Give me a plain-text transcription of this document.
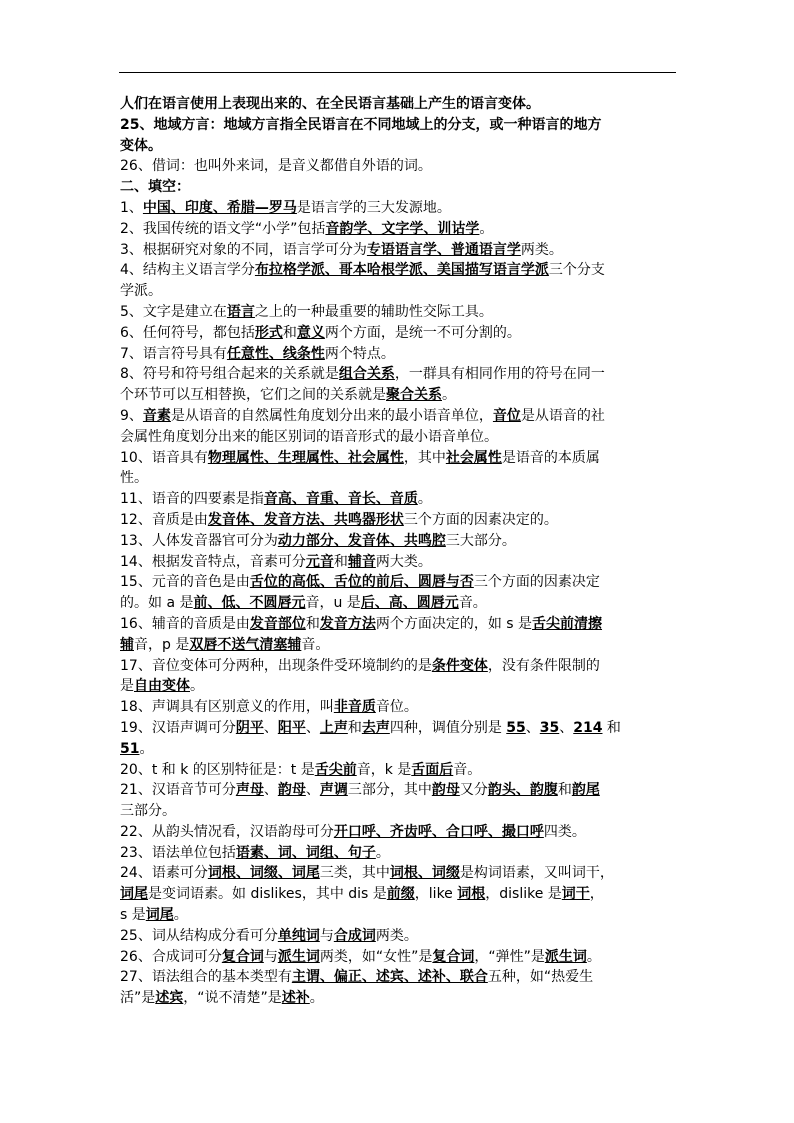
人们在语言使用上表现出来的、在全民语言基础上产生的语言变体。
25、地域方言：地域方言指全民语言在不同地域上的分支，或一种语言的地方
变体。
26、借词：也叫外来词，是音义都借自外语的词。
二、填空：
1、中国、印度、希腊—罗马是语言学的三大发源地。
2、我国传统的语文学“小学”包括音韵学、文字学、训诂学。
3、根据研究对象的不同，语言学可分为专语语言学、普通语言学两类。
4、结构主义语言学分布拉格学派、哥本哈根学派、美国描写语言学派三个分支
学派。
5、文字是建立在语言之上的一种最重要的辅助性交际工具。
6、任何符号，都包括形式和意义两个方面，是统一不可分割的。
7、语言符号具有任意性、线条性两个特点。
8、符号和符号组合起来的关系就是组合关系，一群具有相同作用的符号在同一
个环节可以互相替换，它们之间的关系就是聚合关系。
9、音素是从语音的自然属性角度划分出来的最小语音单位，音位是从语音的社
会属性角度划分出来的能区别词的语音形式的最小语音单位。
10、语音具有物理属性、生理属性、社会属性，其中社会属性是语音的本质属
性。
11、语音的四要素是指音高、音重、音长、音质。
12、音质是由发音体、发音方法、共鸣器形状三个方面的因素决定的。
13、人体发音器官可分为动力部分、发音体、共鸣腔三大部分。
14、根据发音特点，音素可分元音和辅音两大类。
15、元音的音色是由舌位的高低、舌位的前后、圆唇与否三个方面的因素决定
的。如 a 是前、低、不圆唇元音，u 是后、高、圆唇元音。
16、辅音的音质是由发音部位和发音方法两个方面决定的，如 s 是舌尖前清擦
辅音，p 是双唇不送气清塞辅音。
17、音位变体可分两种，出现条件受环境制约的是条件变体，没有条件限制的
是自由变体。
18、声调具有区别意义的作用，叫非音质音位。
19、汉语声调可分阴平、阳平、上声和去声四种，调值分别是 55、35、214 和
51。
20、t 和 k 的区别特征是：t 是舌尖前音，k 是舌面后音。
21、汉语音节可分声母、韵母、声调三部分，其中韵母又分韵头、韵腹和韵尾
三部分。
22、从韵头情况看，汉语韵母可分开口呼、齐齿呼、合口呼、撮口呼四类。
23、语法单位包括语素、词、词组、句子。
24、语素可分词根、词缀、词尾三类，其中词根、词缀是构词语素，又叫词干，
词尾是变词语素。如 dislikes，其中 dis 是前缀，like 词根，dislike 是词干，
s 是词尾。
25、词从结构成分看可分单纯词与合成词两类。
26、合成词可分复合词与派生词两类，如“女性”是复合词，“弹性”是派生词。
27、语法组合的基本类型有主谓、偏正、述宾、述补、联合五种，如“热爱生
活”是述宾，“说不清楚”是述补。
